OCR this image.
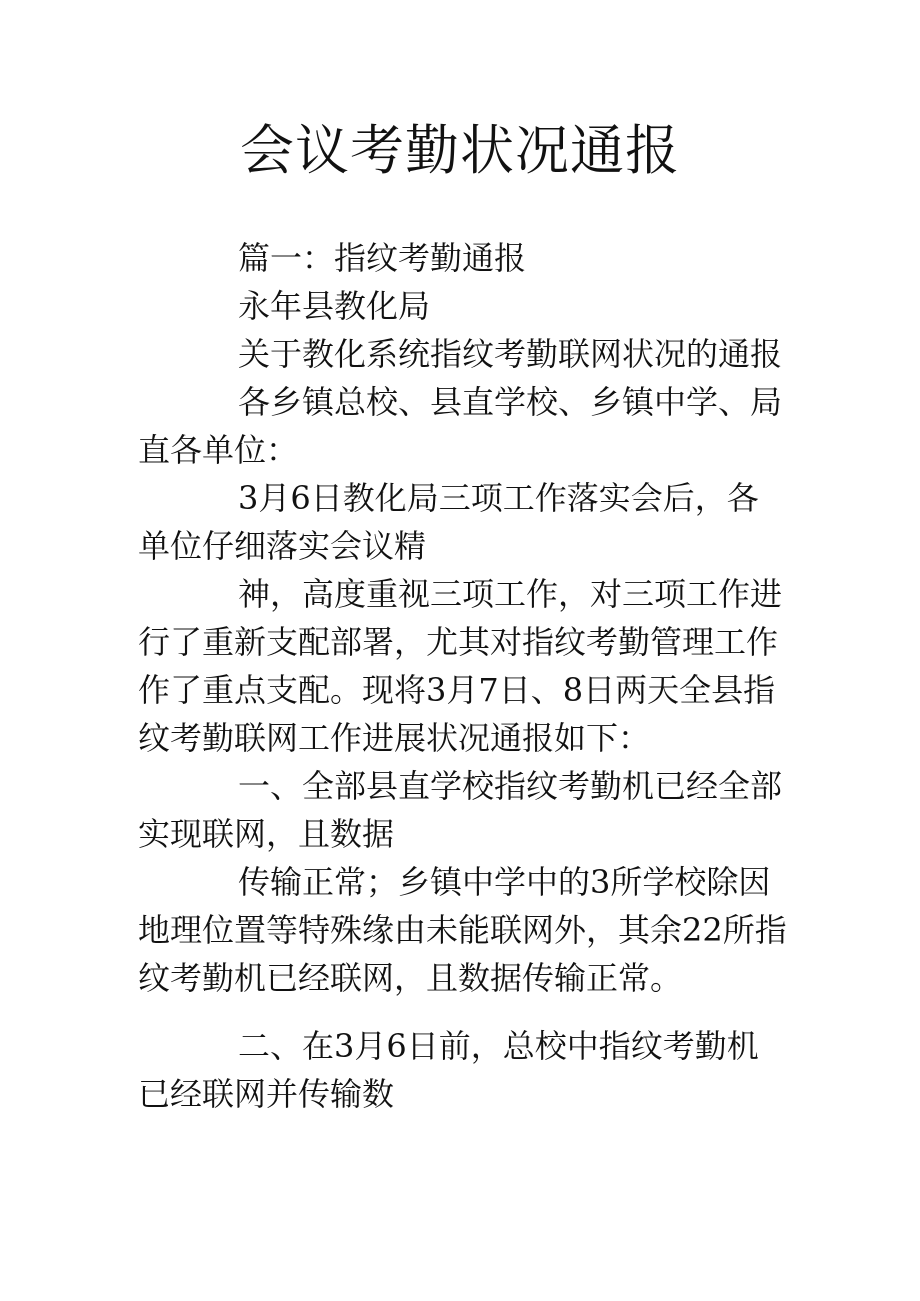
会议考勤状况通报

篇一：指纹考勤通报

永年县教化局

关于教化系统指纹考勤联网状况的通报

各乡镇总校、县直学校、乡镇中学、局直各单位：

3月6日教化局三项工作落实会后，各单位仔细落实会议精

神，高度重视三项工作，对三项工作进行了重新支配部署，尤其对指纹考勤管理工作作了重点支配。现将3月7日、8日两天全县指纹考勤联网工作进展状况通报如下：

一、全部县直学校指纹考勤机已经全部实现联网，且数据

传输正常；乡镇中学中的3所学校除因地理位置等特殊缘由未能联网外，其余22所指纹考勤机已经联网，且数据传输正常。

二、在3月6日前，总校中指纹考勤机已经联网并传输数
